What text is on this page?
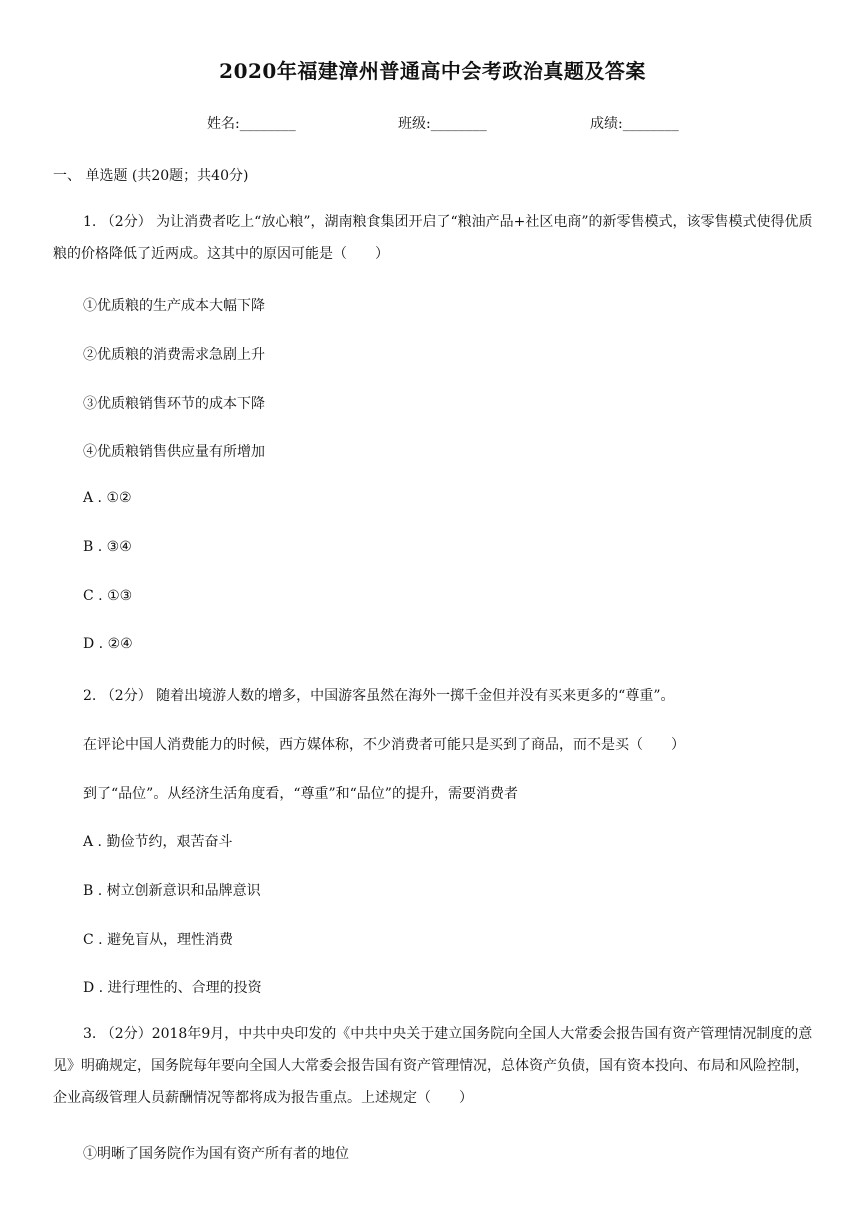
2020年福建漳州普通高中会考政治真题及答案
姓名:________	班级:________	成绩:________
一、 单选题 (共20题；共40分)
1. （2分） 为让消费者吃上“放心粮”，湖南粮食集团开启了“粮油产品+社区电商”的新零售模式，该零售模式使得优质粮的价格降低了近两成。这其中的原因可能是（　　）
①优质粮的生产成本大幅下降
②优质粮的消费需求急剧上升
③优质粮销售环节的成本下降
④优质粮销售供应量有所增加
A . ①②
B . ③④
C . ①③
D . ②④
2. （2分） 随着出境游人数的增多，中国游客虽然在海外一掷千金但并没有买来更多的“尊重”。
在评论中国人消费能力的时候，西方媒体称，不少消费者可能只是买到了商品，而不是买（　　）
到了“品位”。从经济生活角度看，“尊重”和“品位”的提升，需要消费者
A . 勤俭节约，艰苦奋斗
B . 树立创新意识和品牌意识
C . 避免盲从，理性消费
D . 进行理性的、合理的投资
3. （2分）2018年9月，中共中央印发的《中共中央关于建立国务院向全国人大常委会报告国有资产管理情况制度的意见》明确规定，国务院每年要向全国人大常委会报告国有资产管理情况，总体资产负债，国有资本投向、布局和风险控制，企业高级管理人员薪酬情况等都将成为报告重点。上述规定（　　）
①明晰了国务院作为国有资产所有者的地位
